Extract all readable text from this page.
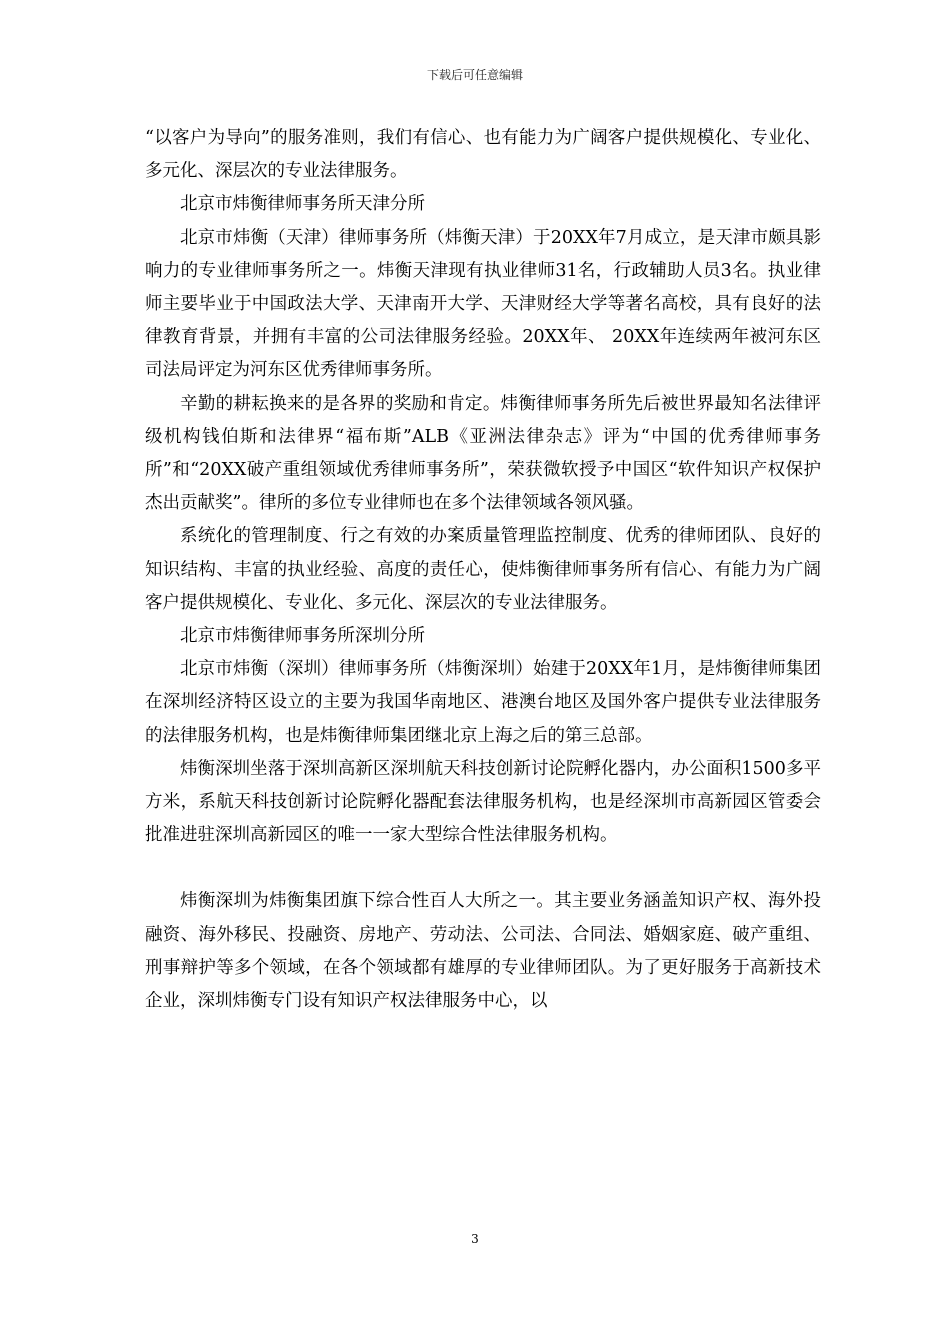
下载后可任意编辑

“以客户为导向”的服务准则，我们有信心、也有能力为广阔客户提供规模化、专业化、多元化、深层次的专业法律服务。

北京市炜衡律师事务所天津分所

北京市炜衡（天津）律师事务所（炜衡天津）于20XX年7月成立，是天津市颇具影响力的专业律师事务所之一。炜衡天津现有执业律师31名，行政辅助人员3名。执业律师主要毕业于中国政法大学、天津南开大学、天津财经大学等著名高校，具有良好的法律教育背景，并拥有丰富的公司法律服务经验。20XX年、 20XX年连续两年被河东区司法局评定为河东区优秀律师事务所。

辛勤的耕耘换来的是各界的奖励和肯定。炜衡律师事务所先后被世界最知名法律评级机构钱伯斯和法律界“福布斯”ALB《亚洲法律杂志》评为“中国的优秀律师事务所”和“20XX破产重组领域优秀律师事务所”，荣获微软授予中国区“软件知识产权保护杰出贡献奖”。律所的多位专业律师也在多个法律领域各领风骚。

系统化的管理制度、行之有效的办案质量管理监控制度、优秀的律师团队、良好的知识结构、丰富的执业经验、高度的责任心，使炜衡律师事务所有信心、有能力为广阔客户提供规模化、专业化、多元化、深层次的专业法律服务。

北京市炜衡律师事务所深圳分所

北京市炜衡（深圳）律师事务所（炜衡深圳）始建于20XX年1月，是炜衡律师集团在深圳经济特区设立的主要为我国华南地区、港澳台地区及国外客户提供专业法律服务的法律服务机构，也是炜衡律师集团继北京上海之后的第三总部。

炜衡深圳坐落于深圳高新区深圳航天科技创新讨论院孵化器内，办公面积1500多平方米，系航天科技创新讨论院孵化器配套法律服务机构，也是经深圳市高新园区管委会批准进驻深圳高新园区的唯一一家大型综合性法律服务机构。

炜衡深圳为炜衡集团旗下综合性百人大所之一。其主要业务涵盖知识产权、海外投融资、海外移民、投融资、房地产、劳动法、公司法、合同法、婚姻家庭、破产重组、刑事辩护等多个领域，在各个领域都有雄厚的专业律师团队。为了更好服务于高新技术企业，深圳炜衡专门设有知识产权法律服务中心，以

3
